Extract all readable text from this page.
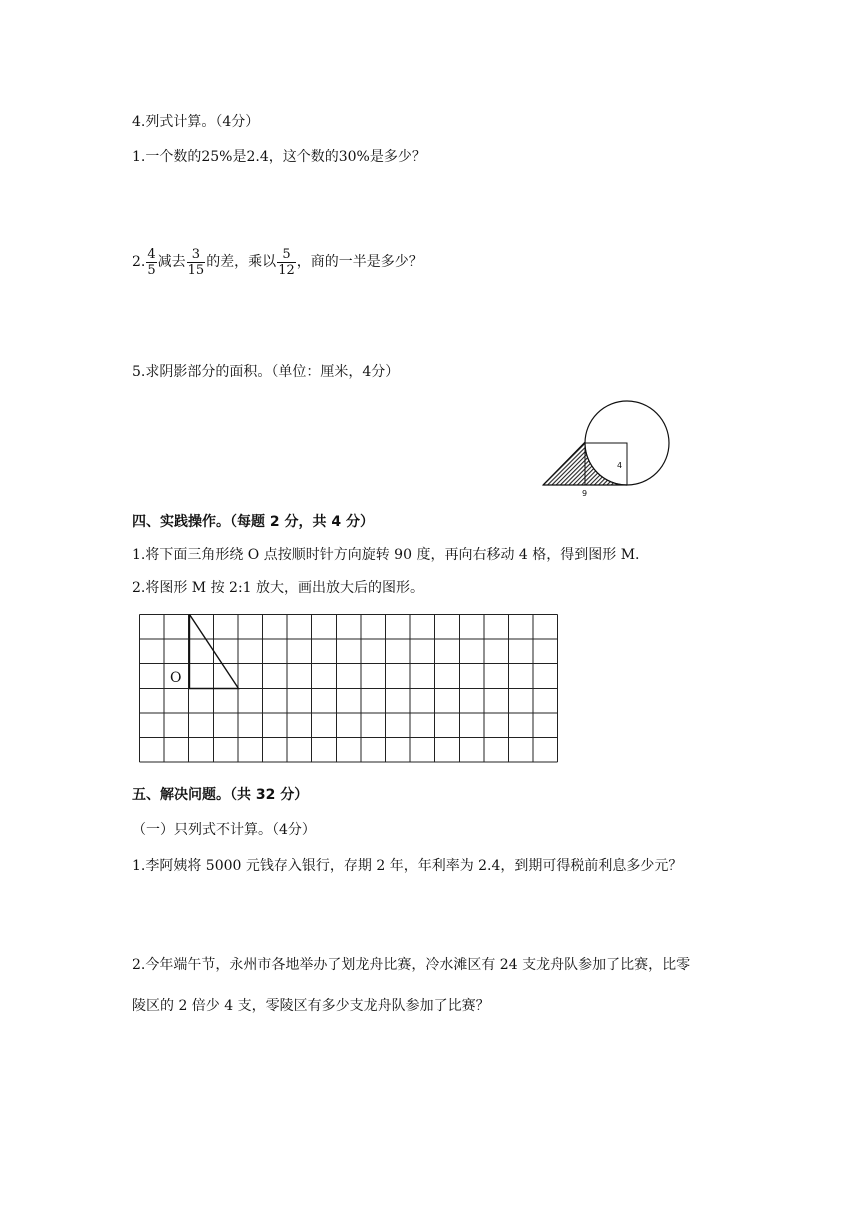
4.列式计算。（4分）
1.一个数的25%是2.4，这个数的30%是多少？
2. $\frac{4}{5}$ 减去 $\frac{3}{15}$ 的差，乘以 $\frac{5}{12}$ ，商的一半是多少？
5.求阴影部分的面积。（单位：厘米，4分）
4
9
四、实践操作。（每题 2 分，共 4 分）
1.将下面三角形绕 O 点按顺时针方向旋转 90 度，再向右移动 4 格，得到图形 M.
2.将图形 M 按 2:1 放大，画出放大后的图形。
O
五、解决问题。（共 32 分）
（一）只列式不计算。（4分）
1.李阿姨将 5000 元钱存入银行，存期 2 年，年利率为 2.4，到期可得税前利息多少元？
2.今年端午节，永州市各地举办了划龙舟比赛，冷水滩区有 24 支龙舟队参加了比赛，比零
陵区的 2 倍少 4 支，零陵区有多少支龙舟队参加了比赛？
